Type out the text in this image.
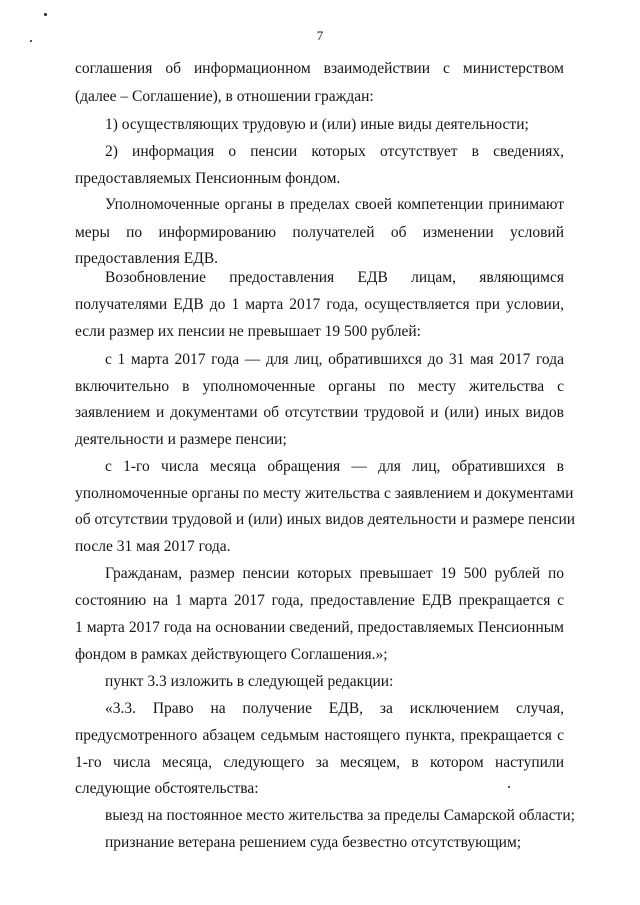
7
соглашения об информационном взаимодействии с министерством
(далее – Соглашение), в отношении граждан:
1) осуществляющих трудовую и (или) иные виды деятельности;
2) информация о пенсии которых отсутствует в сведениях,
предоставляемых Пенсионным фондом.
Уполномоченные органы в пределах своей компетенции принимают
меры по информированию получателей об изменении условий
предоставления ЕДВ.
Возобновление предоставления ЕДВ лицам, являющимся
получателями ЕДВ до 1 марта 2017 года, осуществляется при условии,
если размер их пенсии не превышает 19 500 рублей:
с 1 марта 2017 года — для лиц, обратившихся до 31 мая 2017 года
включительно в уполномоченные органы по месту жительства с
заявлением и документами об отсутствии трудовой и (или) иных видов
деятельности и размере пенсии;
с 1-го числа месяца обращения — для лиц, обратившихся в
уполномоченные органы по месту жительства с заявлением и документами
об отсутствии трудовой и (или) иных видов деятельности и размере пенсии
после 31 мая 2017 года.
Гражданам, размер пенсии которых превышает 19 500 рублей по
состоянию на 1 марта 2017 года, предоставление ЕДВ прекращается с
1 марта 2017 года на основании сведений, предоставляемых Пенсионным
фондом в рамках действующего Соглашения.»;
пункт 3.3 изложить в следующей редакции:
«3.3. Право на получение ЕДВ, за исключением случая,
предусмотренного абзацем седьмым настоящего пункта, прекращается с
1-го числа месяца, следующего за месяцем, в котором наступили
следующие обстоятельства:
выезд на постоянное место жительства за пределы Самарской области;
признание ветерана решением суда безвестно отсутствующим;
